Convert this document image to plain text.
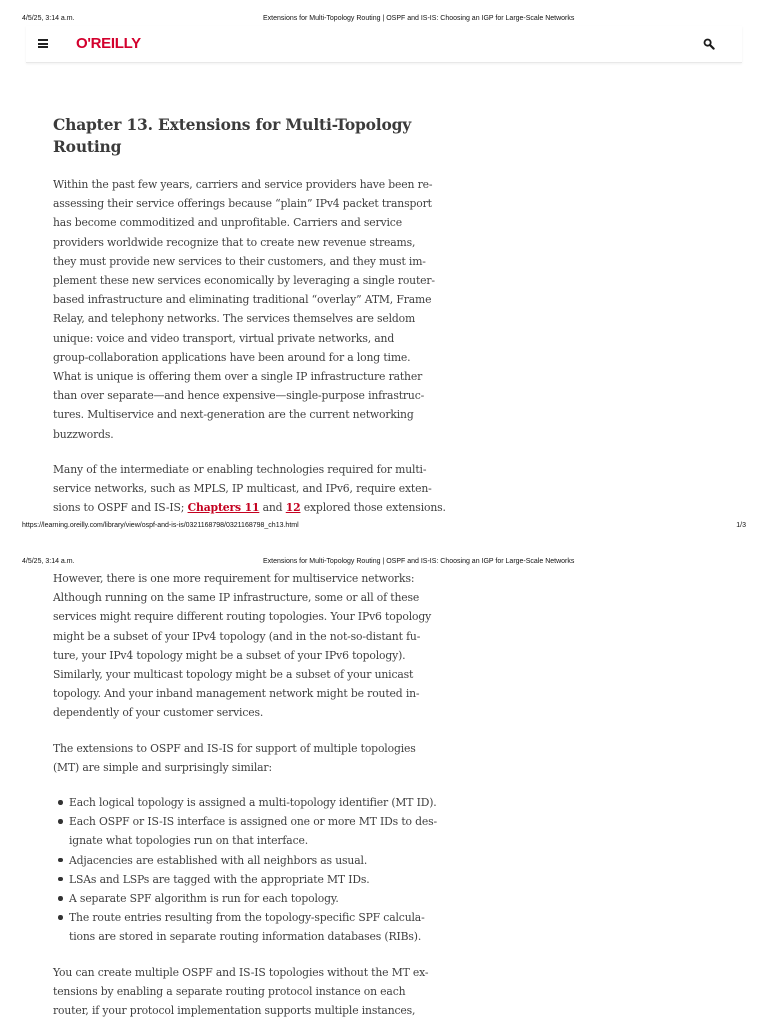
4/5/25, 3:14 a.m.	Extensions for Multi-Topology Routing | OSPF and IS-IS: Choosing an IGP for Large-Scale Networks
O'REILLY
Chapter 13. Extensions for Multi-Topology
Routing
Within the past few years, carriers and service providers have been re-
assessing their service offerings because “plain” IPv4 packet transport
has become commoditized and unprofitable. Carriers and service
providers worldwide recognize that to create new revenue streams,
they must provide new services to their customers, and they must im-
plement these new services economically by leveraging a single router-
based infrastructure and eliminating traditional “overlay” ATM, Frame
Relay, and telephony networks. The services themselves are seldom
unique: voice and video transport, virtual private networks, and
group-collaboration applications have been around for a long time.
What is unique is offering them over a single IP infrastructure rather
than over separate—and hence expensive—single-purpose infrastruc-
tures. Multiservice and next-generation are the current networking
buzzwords.
Many of the intermediate or enabling technologies required for multi-
service networks, such as MPLS, IP multicast, and IPv6, require exten-
sions to OSPF and IS-IS; Chapters 11 and 12 explored those extensions.
https://learning.oreilly.com/library/view/ospf-and-is-is/0321168798/0321168798_ch13.html	1/3
4/5/25, 3:14 a.m.	Extensions for Multi-Topology Routing | OSPF and IS-IS: Choosing an IGP for Large-Scale Networks
However, there is one more requirement for multiservice networks:
Although running on the same IP infrastructure, some or all of these
services might require different routing topologies. Your IPv6 topology
might be a subset of your IPv4 topology (and in the not-so-distant fu-
ture, your IPv4 topology might be a subset of your IPv6 topology).
Similarly, your multicast topology might be a subset of your unicast
topology. And your inband management network might be routed in-
dependently of your customer services.
The extensions to OSPF and IS-IS for support of multiple topologies
(MT) are simple and surprisingly similar:
Each logical topology is assigned a multi-topology identifier (MT ID).
Each OSPF or IS-IS interface is assigned one or more MT IDs to des-
ignate what topologies run on that interface.
Adjacencies are established with all neighbors as usual.
LSAs and LSPs are tagged with the appropriate MT IDs.
A separate SPF algorithm is run for each topology.
The route entries resulting from the topology-specific SPF calcula-
tions are stored in separate routing information databases (RIBs).
You can create multiple OSPF and IS-IS topologies without the MT ex-
tensions by enabling a separate routing protocol instance on each
router, if your protocol implementation supports multiple instances,
